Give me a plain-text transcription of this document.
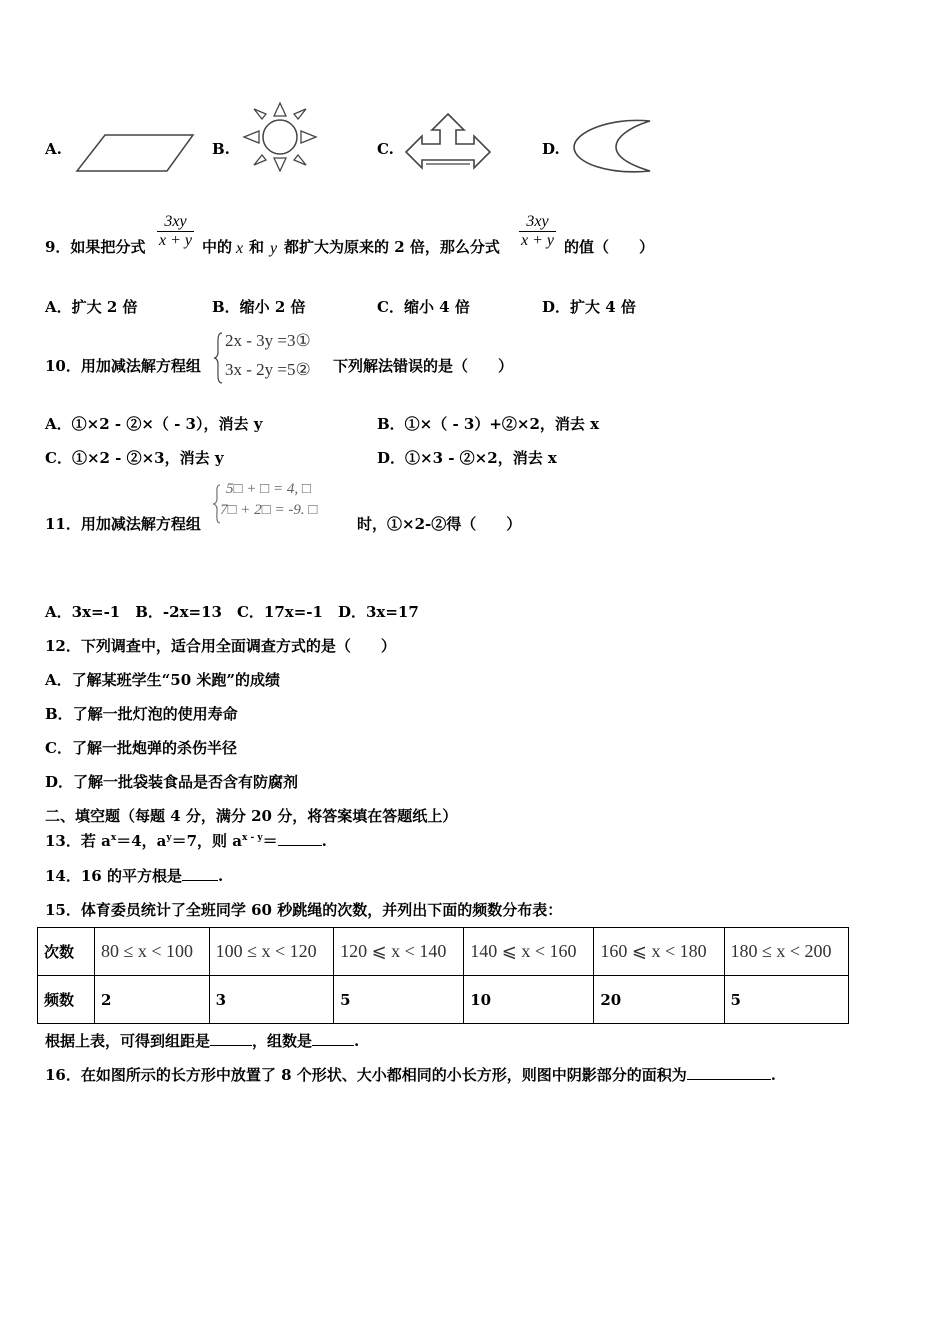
A.	B.	C.	D.
9．如果把分式 $\frac{3xy}{x + y}$ 中的 x 和 y 都扩大为原来的 2 倍，那么分式 $\frac{3xy}{x + y}$ 的值（　　）
A．扩大 2 倍	B．缩小 2 倍	C．缩小 4 倍	D．扩大 4 倍
10．用加减法解方程组
2x - 3y =3①
3x - 2y =5② 下列解法错误的是（　　）
A．①×2 - ②×（ - 3），消去 y	B．①×（ - 3）+②×2，消去 x
C．①×2 - ②×3，消去 y	D．①×3 - ②×2，消去 x
11．用加减法解方程组
5□ + □ = 4, □
7□ + 2□ = -9. □
时，①×2-②得（　　）
A．3x=-1　B．-2x=13　C．17x=-1　D．3x=17
12．下列调查中，适合用全面调查方式的是（　　）
A．了解某班学生“50 米跑”的成绩
B．了解一批灯泡的使用寿命
C．了解一批炮弹的杀伤半径
D．了解一批袋装食品是否含有防腐剂
二、填空题（每题 4 分，满分 20 分，将答案填在答题纸上）
13．若 $a^x=4$，$a^y=7$，则 $a^{x - y}=$	.
14．16 的平方根是 .
15．体育委员统计了全班同学 60 秒跳绳的次数，并列出下面的频数分布表：
次数	80 ≤ x < 100	100 ≤ x < 120	120 ⩽ x < 140	140 ⩽ x < 160	160 ⩽ x < 180	180 ≤ x < 200
频数	2	3	5	10	20	5
根据上表，可得到组距是	，组数是	.
16．在如图所示的长方形中放置了 8 个形状、大小都相同的小长方形，则图中阴影部分的面积为	.
